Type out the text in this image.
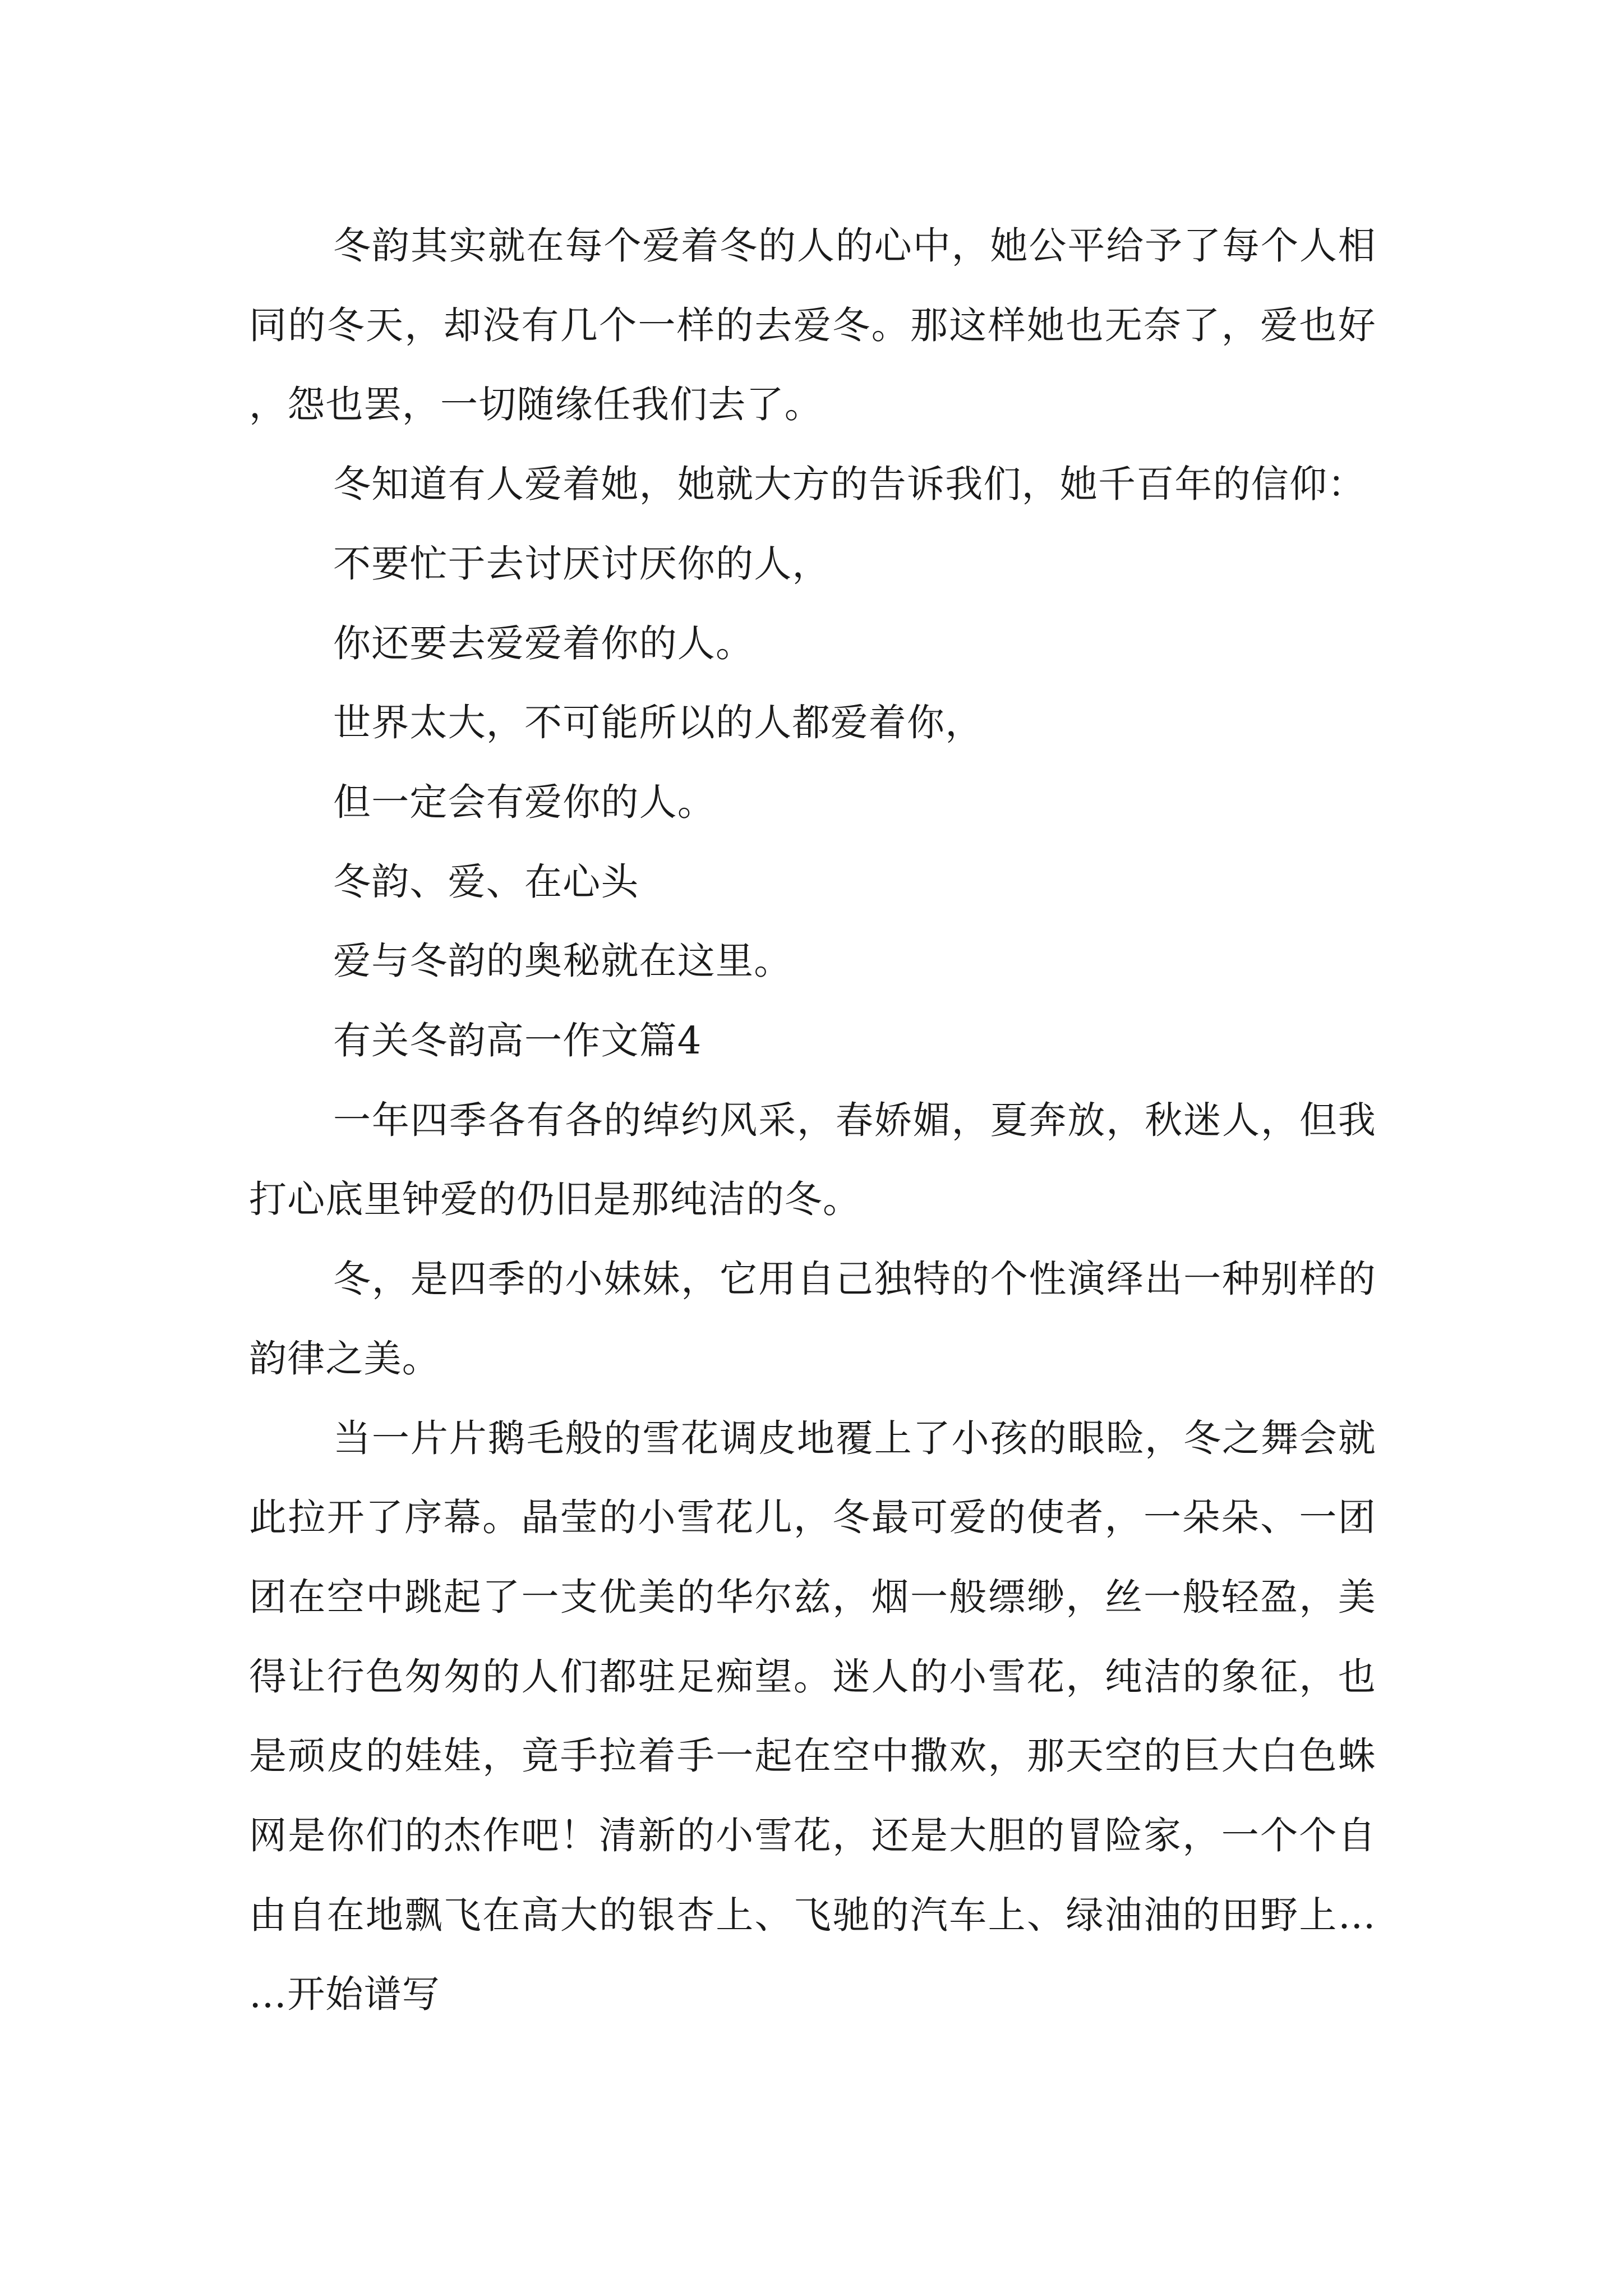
冬韵其实就在每个爱着冬的人的心中，她公平给予了每个人相同的冬天，却没有几个一样的去爱冬。那这样她也无奈了，爱也好，怨也罢，一切随缘任我们去了。

冬知道有人爱着她，她就大方的告诉我们，她千百年的信仰：

不要忙于去讨厌讨厌你的人，

你还要去爱爱着你的人。

世界太大，不可能所以的人都爱着你，

但一定会有爱你的人。

冬韵、爱、在心头

爱与冬韵的奥秘就在这里。

有关冬韵高一作文篇4

一年四季各有各的绰约风采，春娇媚，夏奔放，秋迷人，但我打心底里钟爱的仍旧是那纯洁的冬。

冬，是四季的小妹妹，它用自己独特的个性演绎出一种别样的韵律之美。

当一片片鹅毛般的雪花调皮地覆上了小孩的眼睑，冬之舞会就此拉开了序幕。晶莹的小雪花儿，冬最可爱的使者，一朵朵、一团团在空中跳起了一支优美的华尔兹，烟一般缥缈，丝一般轻盈，美得让行色匆匆的人们都驻足痴望。迷人的小雪花，纯洁的象征，也是顽皮的娃娃，竟手拉着手一起在空中撒欢，那天空的巨大白色蛛网是你们的杰作吧！清新的小雪花，还是大胆的冒险家，一个个自由自在地飘飞在高大的银杏上、飞驰的汽车上、绿油油的田野上……开始谱写
